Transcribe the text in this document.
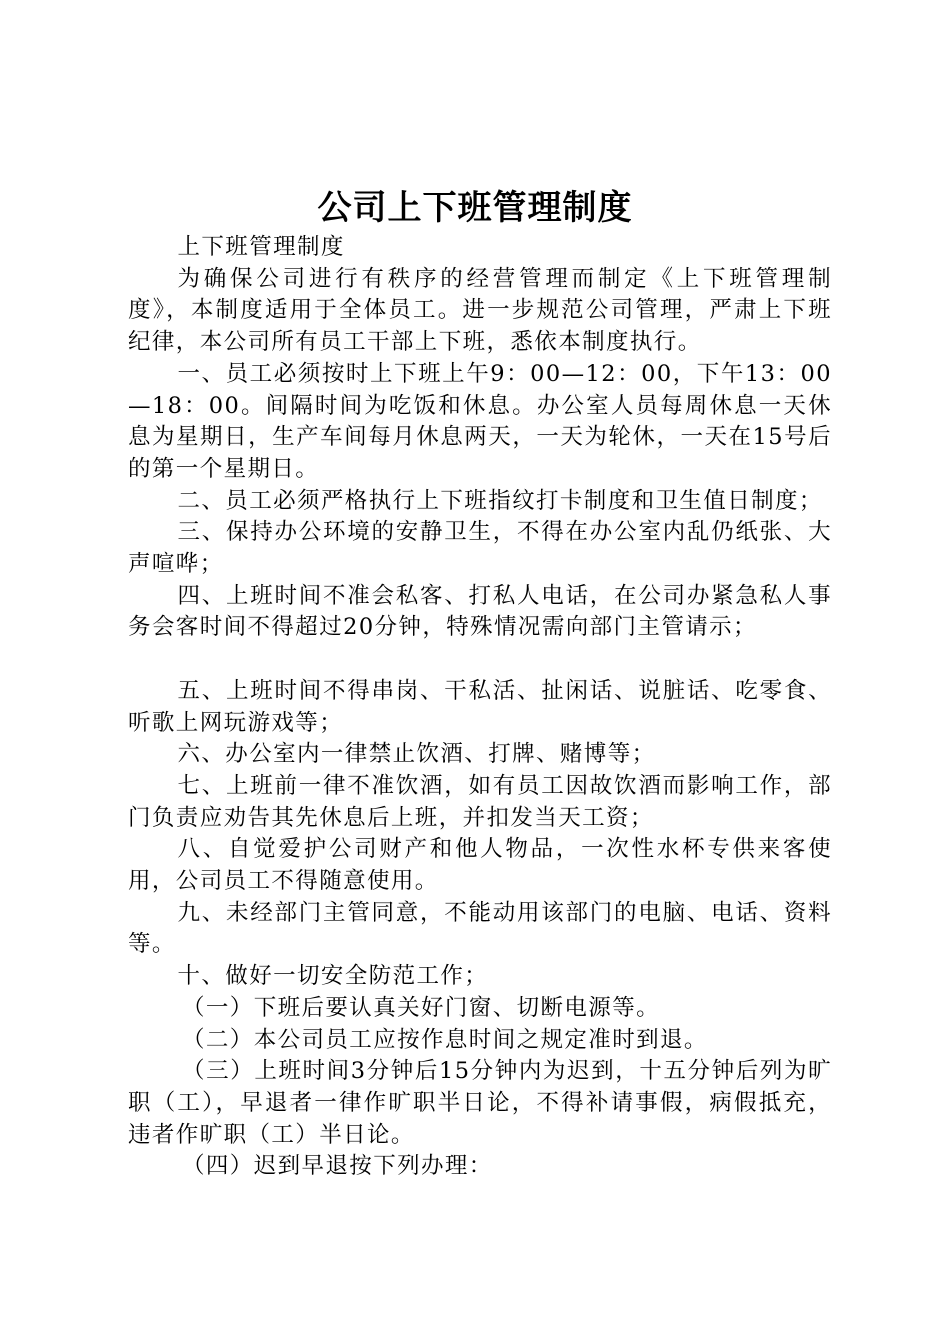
公司上下班管理制度

上下班管理制度

为确保公司进行有秩序的经营管理而制定《上下班管理制度》，本制度适用于全体员工。进一步规范公司管理，严肃上下班纪律，本公司所有员工干部上下班，悉依本制度执行。

一、员工必须按时上下班上午9：00—12：00，下午13：00—18：00。间隔时间为吃饭和休息。办公室人员每周休息一天休息为星期日，生产车间每月休息两天，一天为轮休，一天在15号后的第一个星期日。

二、员工必须严格执行上下班指纹打卡制度和卫生值日制度；

三、保持办公环境的安静卫生，不得在办公室内乱仍纸张、大声喧哗；

四、上班时间不准会私客、打私人电话，在公司办紧急私人事务会客时间不得超过20分钟，特殊情况需向部门主管请示；

五、上班时间不得串岗、干私活、扯闲话、说脏话、吃零食、听歌上网玩游戏等；

六、办公室内一律禁止饮酒、打牌、赌博等；

七、上班前一律不准饮酒，如有员工因故饮酒而影响工作，部门负责应劝告其先休息后上班，并扣发当天工资；

八、自觉爱护公司财产和他人物品，一次性水杯专供来客使用，公司员工不得随意使用。

九、未经部门主管同意，不能动用该部门的电脑、电话、资料等。

十、做好一切安全防范工作；

（一）下班后要认真关好门窗、切断电源等。

（二）本公司员工应按作息时间之规定准时到退。

（三）上班时间3分钟后15分钟内为迟到，十五分钟后列为旷职（工），早退者一律作旷职半日论，不得补请事假，病假抵充，违者作旷职（工）半日论。

（四）迟到早退按下列办理：
